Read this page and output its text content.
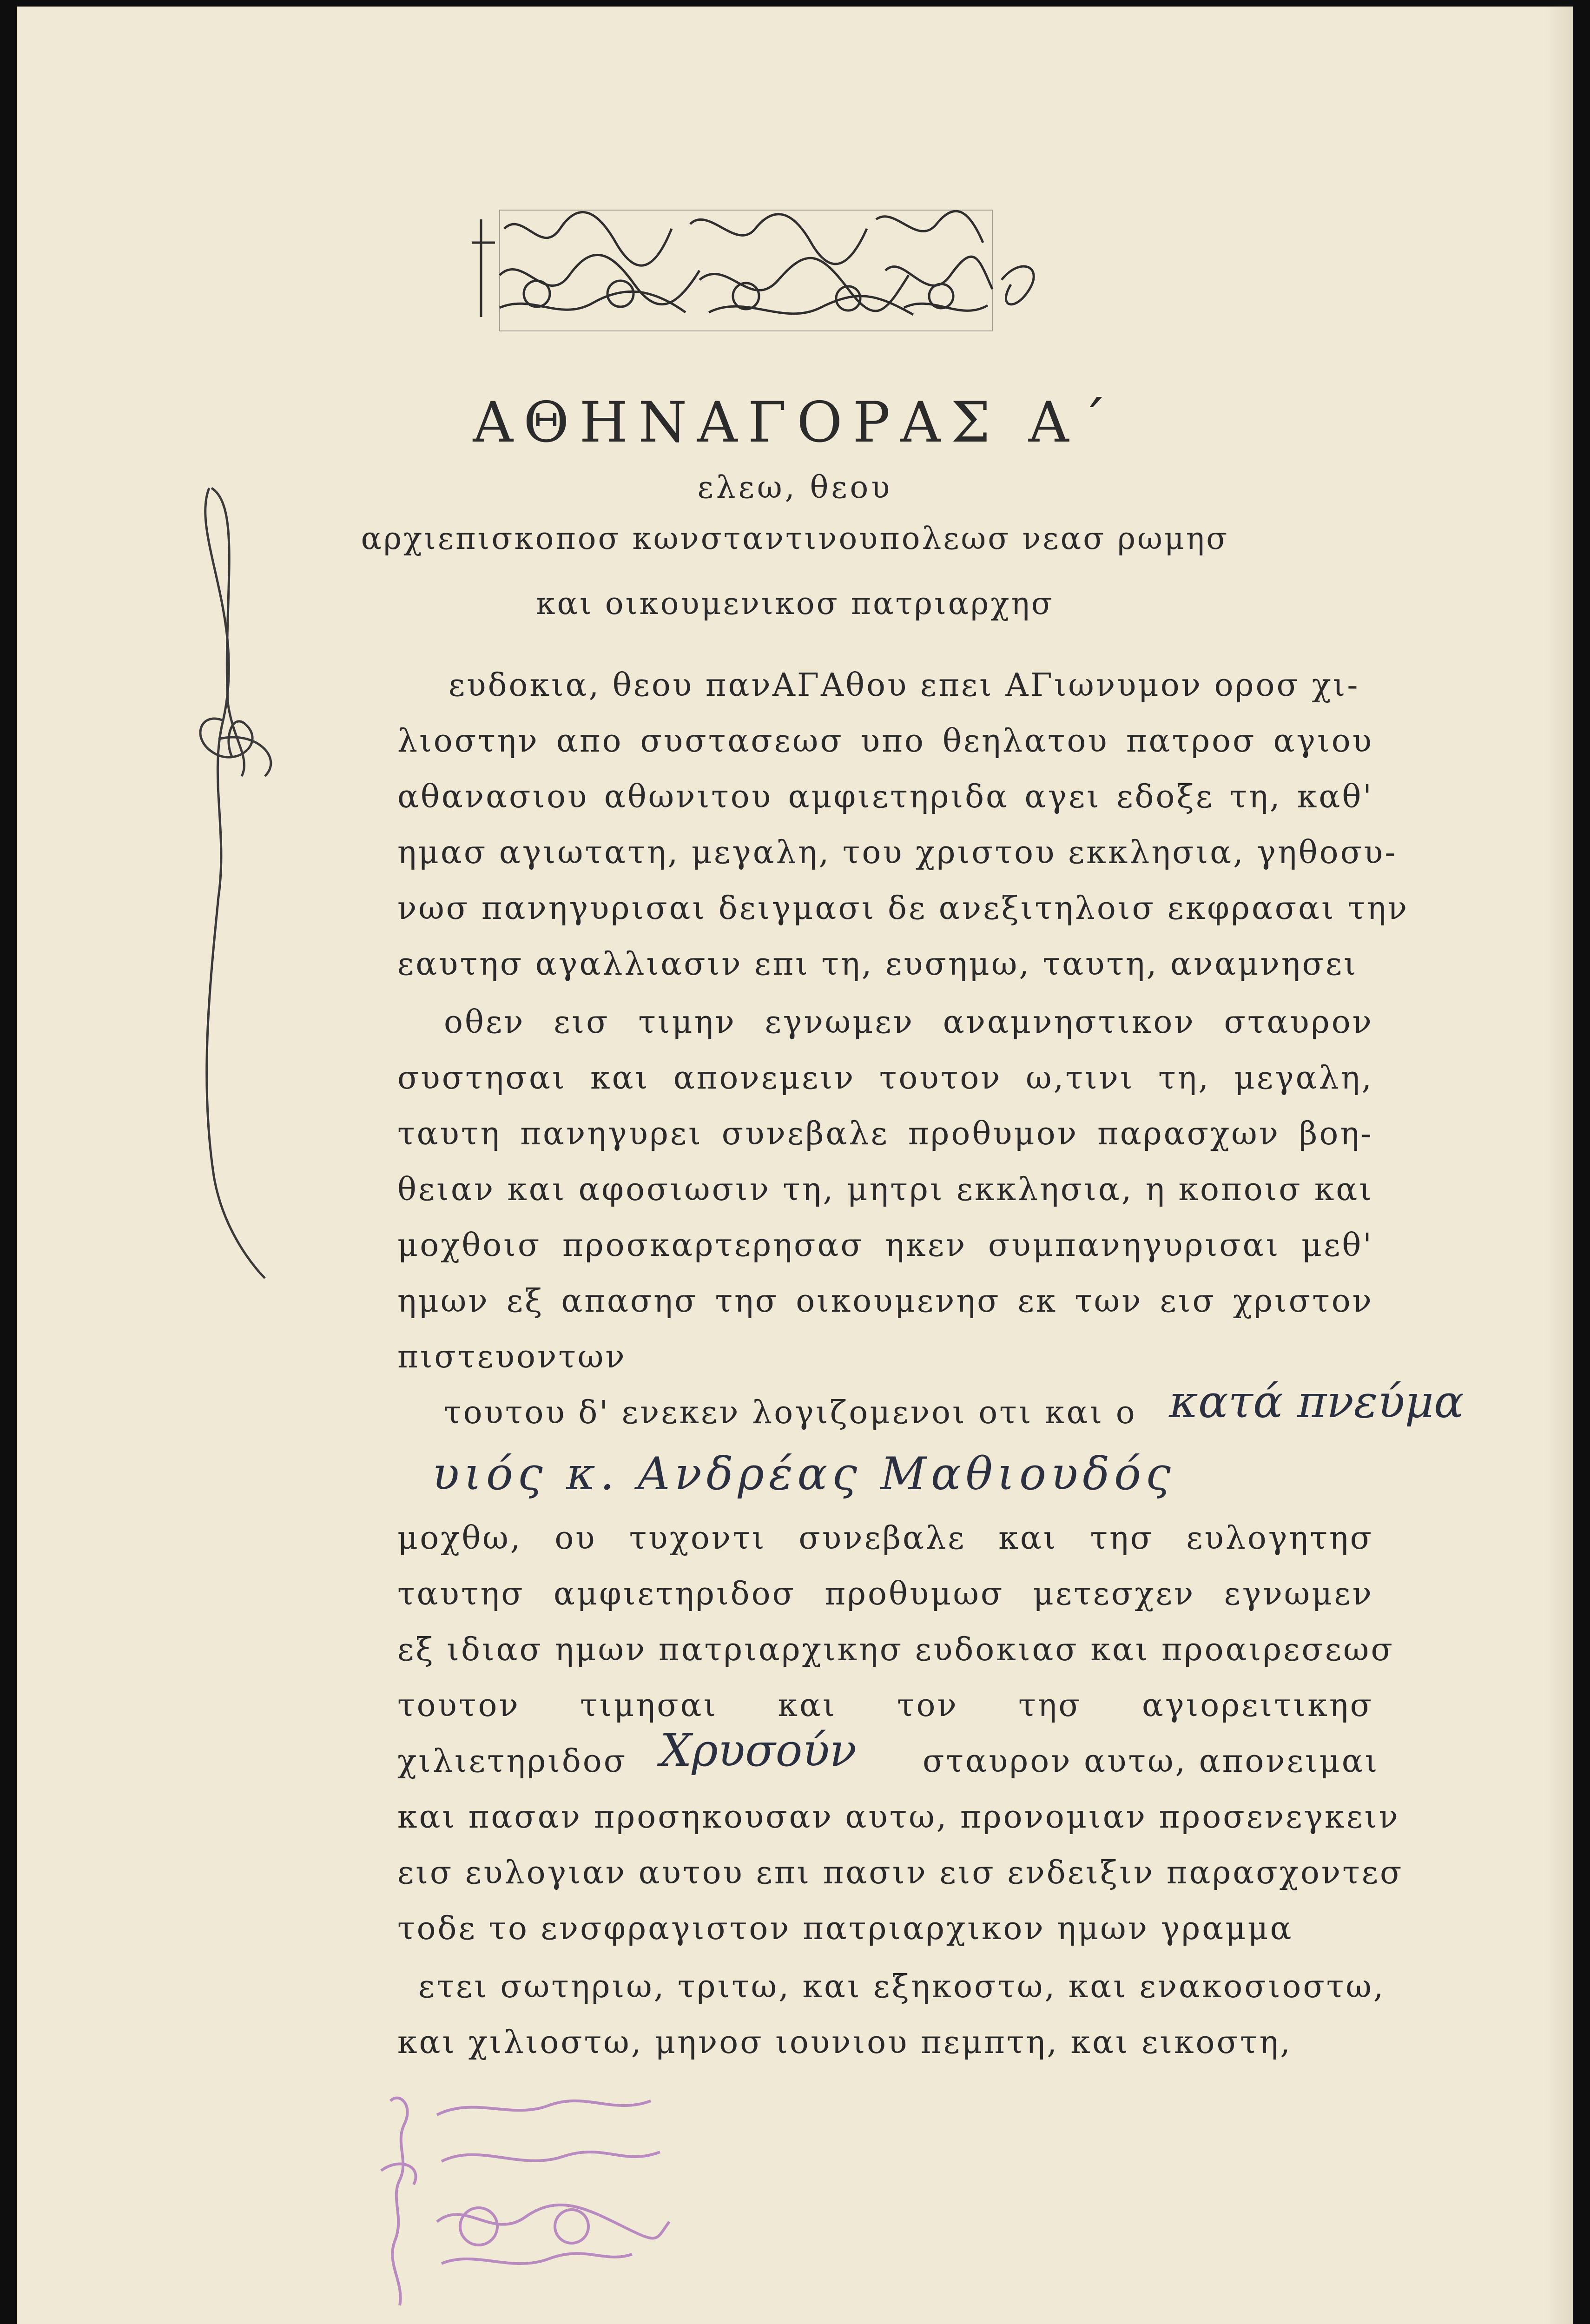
ΑΘΗΝΑΓΟΡΑΣ Α΄
ελεω, θεου
αρχιεπισκοποσ κωνσταντινουπολεωσ νεασ ρωμησ
και οικουμενικοσ πατριαρχησ
ευδοκια, θεου πανΑΓΑθου επει ΑΓιωνυμον οροσ χι-
λιοστην απο συστασεωσ υπο θεηλατου πατροσ αγιου
αθανασιου αθωνιτου αμφιετηριδα αγει εδοξε τη, καθ'
ημασ αγιωτατη, μεγαλη, του χριστου εκκλησια, γηθοσυ-
νωσ πανηγυρισαι δειγμασι δε ανεξιτηλοισ εκφρασαι την
εαυτησ αγαλλιασιν επι τη, ευσημω, ταυτη, αναμνησει
οθεν εισ τιμην εγνωμεν αναμνηστικον σταυρον
συστησαι και απονεμειν τουτον ω,τινι τη, μεγαλη,
ταυτη πανηγυρει συνεβαλε προθυμον παρασχων βοη-
θειαν και αφοσιωσιν τη, μητρι εκκλησια, η κοποισ και
μοχθοισ προσκαρτερησασ ηκεν συμπανηγυρισαι μεθ'
ημων εξ απασησ τησ οικουμενησ εκ των εισ χριστον
πιστευοντων
τουτου δ' ενεκεν λογιζομενοι οτι και ο κατά πνεύμα
υιός κ. Ανδρέας Μαθιουδός
μοχθω, ου τυχοντι συνεβαλε και τησ ευλογητησ
ταυτησ αμφιετηριδοσ προθυμωσ μετεσχεν εγνωμεν
εξ ιδιασ ημων πατριαρχικησ ευδοκιασ και προαιρεσεωσ
τουτον τιμησαι και τον τησ αγιορειτικησ
χιλιετηριδοσ Χρυσούν σταυρον αυτω, απονειμαι
και πασαν προσηκουσαν αυτω, προνομιαν προσενεγκειν
εισ ευλογιαν αυτου επι πασιν εισ ενδειξιν παρασχοντεσ
τοδε το ενσφραγιστον πατριαρχικον ημων γραμμα
ετει σωτηριω, τριτω, και εξηκοστω, και ενακοσιοστω,
και χιλιοστω, μηνοσ ιουνιου πεμπτη, και εικοστη,
